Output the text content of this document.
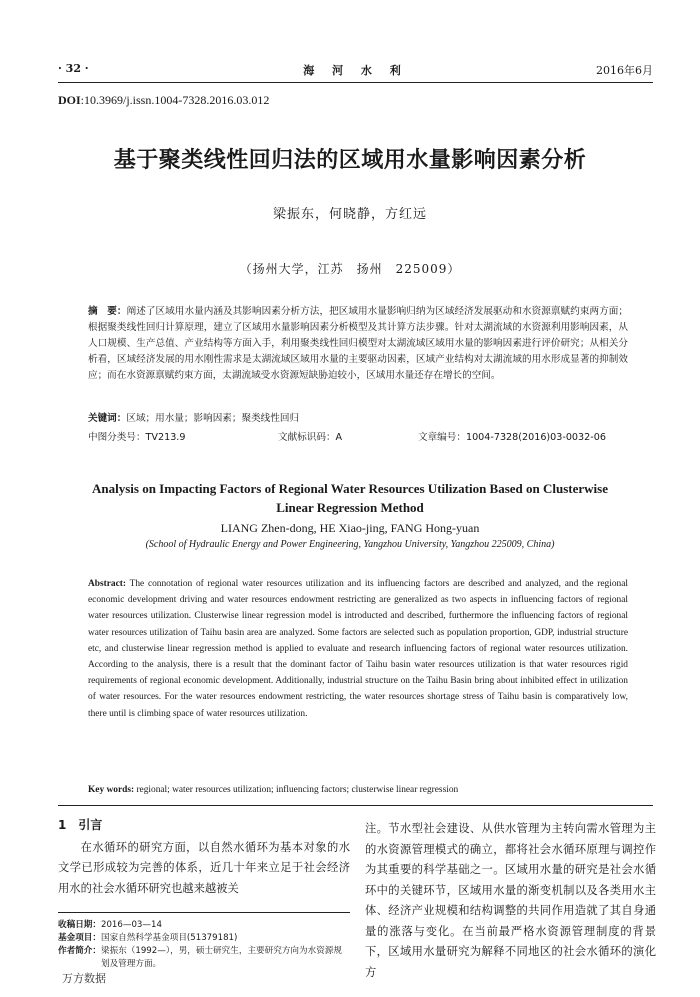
· 32 ·	海 河 水 利	2016年6月
DOI:10.3969/j.issn.1004-7328.2016.03.012
基于聚类线性回归法的区域用水量影响因素分析
梁振东，何晓静，方红远
（扬州大学，江苏　扬州　225009）
摘　要：阐述了区域用水量内涵及其影响因素分析方法，把区域用水量影响归纳为区域经济发展驱动和水资源禀赋约束两方面；根据聚类线性回归计算原理，建立了区域用水量影响因素分析模型及其计算方法步骤。针对太湖流域的水资源利用影响因素，从人口规模、生产总值、产业结构等方面入手，利用聚类线性回归模型对太湖流域区域用水量的影响因素进行评价研究；从相关分析看，区域经济发展的用水刚性需求是太湖流域区域用水量的主要驱动因素，区域产业结构对太湖流域的用水形成显著的抑制效应；而在水资源禀赋约束方面，太湖流域受水资源短缺胁迫较小，区域用水量还存在增长的空间。
关键词：区域；用水量；影响因素；聚类线性回归
中图分类号：TV213.9	文献标识码：A	文章编号：1004-7328(2016)03-0032-06
Analysis on Impacting Factors of Regional Water Resources Utilization Based on Clusterwise Linear Regression Method
LIANG Zhen-dong, HE Xiao-jing, FANG Hong-yuan
(School of Hydraulic Energy and Power Engineering, Yangzhou University, Yangzhou 225009, China)
Abstract: The connotation of regional water resources utilization and its influencing factors are described and analyzed, and the regional economic development driving and water resources endowment restricting are generalized as two aspects in influencing factors of regional water resources utilization. Clusterwise linear regression model is introducted and described, furthermore the influencing factors of regional water resources utilization of Taihu basin area are analyzed. Some factors are selected such as population proportion, GDP, industrial structure etc, and clusterwise linear regression method is applied to evaluate and research influencing factors of regional water resources utilization. According to the analysis, there is a result that the dominant factor of Taihu basin water resources utilization is that water resources rigid requirements of regional economic development. Additionally, industrial structure on the Taihu Basin bring about inhibited effect in utilization of water resources. For the water resources endowment restricting, the water resources shortage stress of Taihu basin is comparatively low, there until is climbing space of water resources utilization.
Key words: regional; water resources utilization; influencing factors; clusterwise linear regression
1　引言
在水循环的研究方面，以自然水循环为基本对象的水文学已形成较为完善的体系，近几十年来立足于社会经济用水的社会水循环研究也越来越被关
收稿日期： 2016—03—14
基金项目： 国家自然科学基金项目(51379181)
作者简介： 梁振东（1992—），男，硕士研究生，主要研究方向为水资源规划及管理方面。
注。节水型社会建设、从供水管理为主转向需水管理为主的水资源管理模式的确立，都将社会水循环原理与调控作为其重要的科学基础之一。区域用水量的研究是社会水循环中的关键环节，区域用水量的渐变机制以及各类用水主体、经济产业规模和结构调整的共同作用造就了其自身通量的涨落与变化。在当前最严格水资源管理制度的背景下，区域用水量研究为解释不同地区的社会水循环的演化方
万方数据
